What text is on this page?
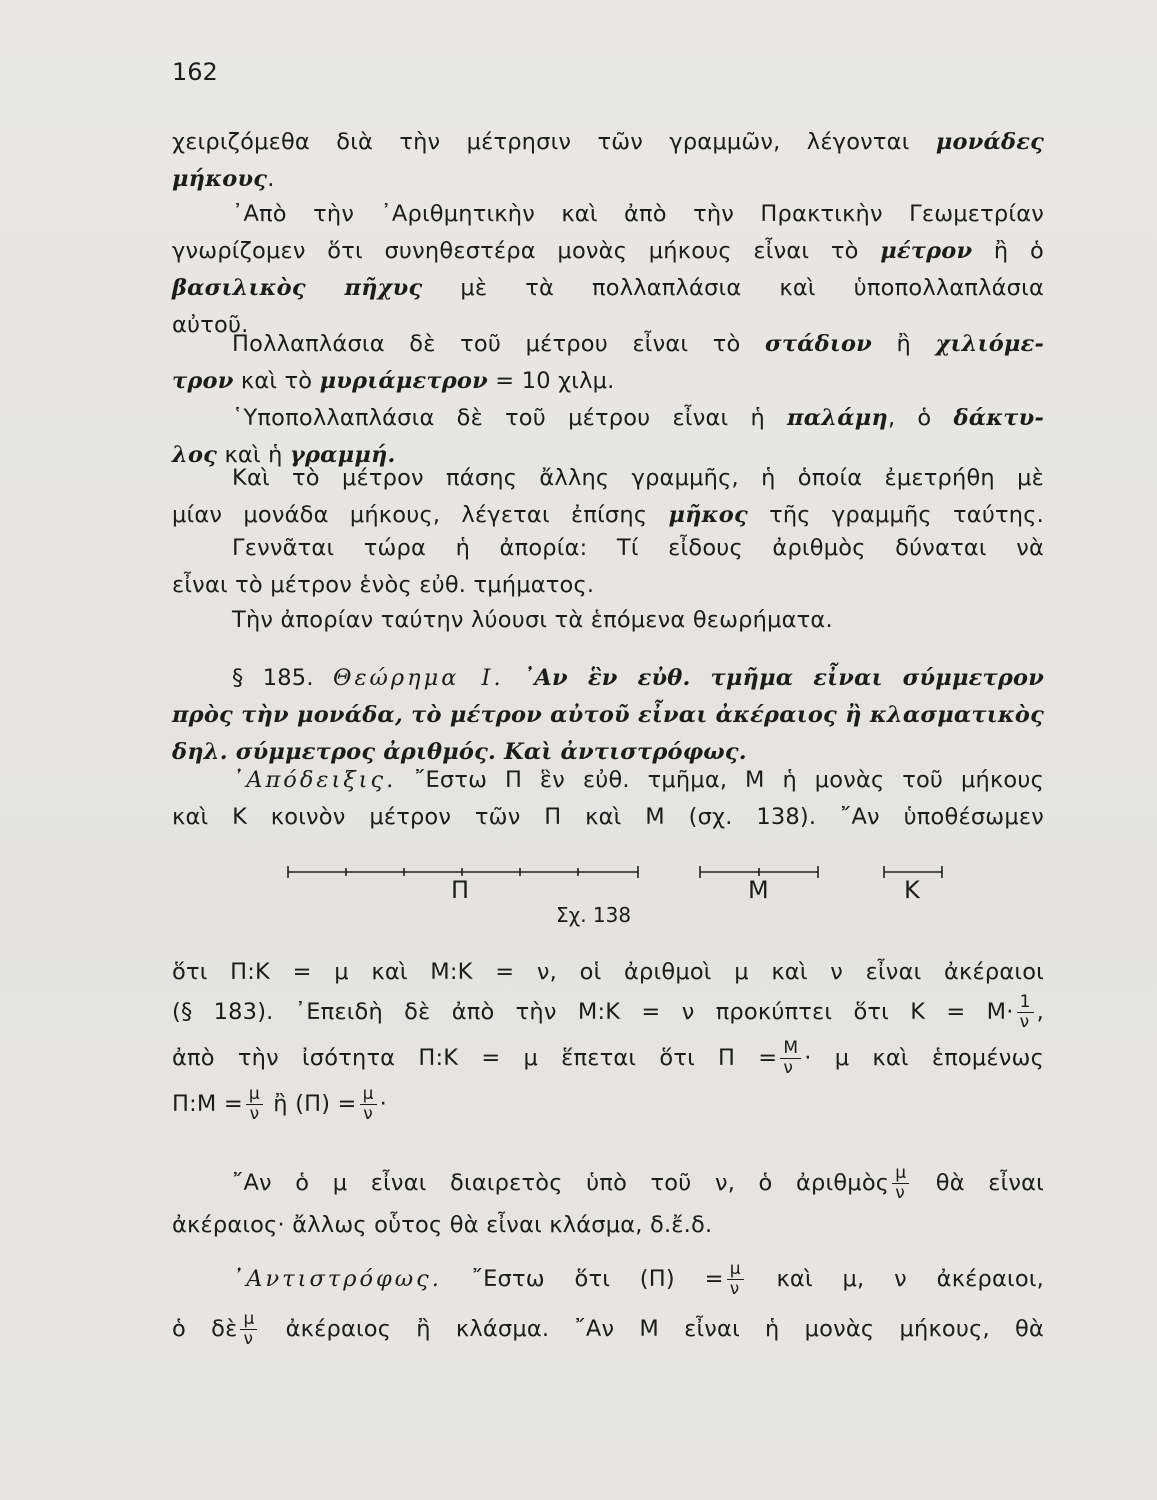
162
χειριζόμεθα διὰ τὴν μέτρησιν τῶν γραμμῶν, λέγονται μονάδες
μήκους.
᾿Απὸ τὴν ᾿Αριθμητικὴν καὶ ἀπὸ τὴν Πρακτικὴν Γεωμετρίαν
γνωρίζομεν ὅτι συνηθεστέρα μονὰς μήκους εἶναι τὸ μέτρον ἢ ὁ
βασιλικὸς πῆχυς μὲ τὰ πολλαπλάσια καὶ ὑποπολλαπλάσια
αὐτοῦ.
Πολλαπλάσια δὲ τοῦ μέτρου εἶναι τὸ στάδιον ἢ χιλιόμε-
τρον καὶ τὸ μυριάμετρον = 10 χιλμ.
῾Υποπολλαπλάσια δὲ τοῦ μέτρου εἶναι ἡ παλάμη, ὁ δάκτυ-
λος καὶ ἡ γραμμή.
Καὶ τὸ μέτρον πάσης ἄλλης γραμμῆς, ἡ ὁποία ἐμετρήθη μὲ
μίαν μονάδα μήκους, λέγεται ἐπίσης μῆκος τῆς γραμμῆς ταύτης.
Γεννᾶται τώρα ἡ ἀπορία: Τί εἶδους ἀριθμὸς δύναται νὰ
εἶναι τὸ μέτρον ἑνὸς εὐθ. τμήματος.
Τὴν ἀπορίαν ταύτην λύουσι τὰ ἑπόμενα θεωρήματα.
§ 185. Θεώρημα I. ᾿Αν ἓν εὐθ. τμῆμα εἶναι σύμμετρον
πρὸς τὴν μονάδα, τὸ μέτρον αὐτοῦ εἶναι ἀκέραιος ἢ κλασματικὸς
δηλ. σύμμετρος ἀριθμός. Καὶ ἀντιστρόφως.
᾿Απόδειξις. ῎Εστω Π ἓν εὐθ. τμῆμα, Μ ἡ μονὰς τοῦ μήκους
καὶ Κ κοινὸν μέτρον τῶν Π καὶ Μ (σχ. 138). ῎Αν ὑποθέσωμεν
Π	Μ	Κ
Σχ. 138
ὅτι Π:Κ = μ καὶ Μ:Κ = ν, οἱ ἀριθμοὶ μ καὶ ν εἶναι ἀκέραιοι
(§ 183). ᾿Επειδὴ δὲ ἀπὸ τὴν Μ:Κ = ν προκύπτει ὅτι $K = M\cdot \frac{1}{\nu}$ ,
ἀπὸ τὴν ἰσότητα Π:Κ = μ ἕπεται ὅτι $\Pi = \frac{M}{\nu} \cdot \mu$ καὶ ἑπομένως
Π:Μ = $\frac{\mu}{\nu}$ ἢ $(\Pi) = \frac{\mu}{\nu}$ ·
῎Αν ὁ μ εἶναι διαιρετὸς ὑπὸ τοῦ ν, ὁ ἀριθμὸς $\frac{\mu}{\nu}$ θὰ εἶναι
ἀκέραιος· ἄλλως οὗτος θὰ εἶναι κλάσμα, δ.ἔ.δ.
᾿Αντιστρόφως. ῎Εστω ὅτι $(\Pi) = \frac{\mu}{\nu}$ καὶ μ, ν ἀκέραιοι,
ὁ δὲ $\frac{\mu}{\nu}$ ἀκέραιος ἢ κλάσμα. ῎Αν Μ εἶναι ἡ μονὰς μήκους, θὰ
